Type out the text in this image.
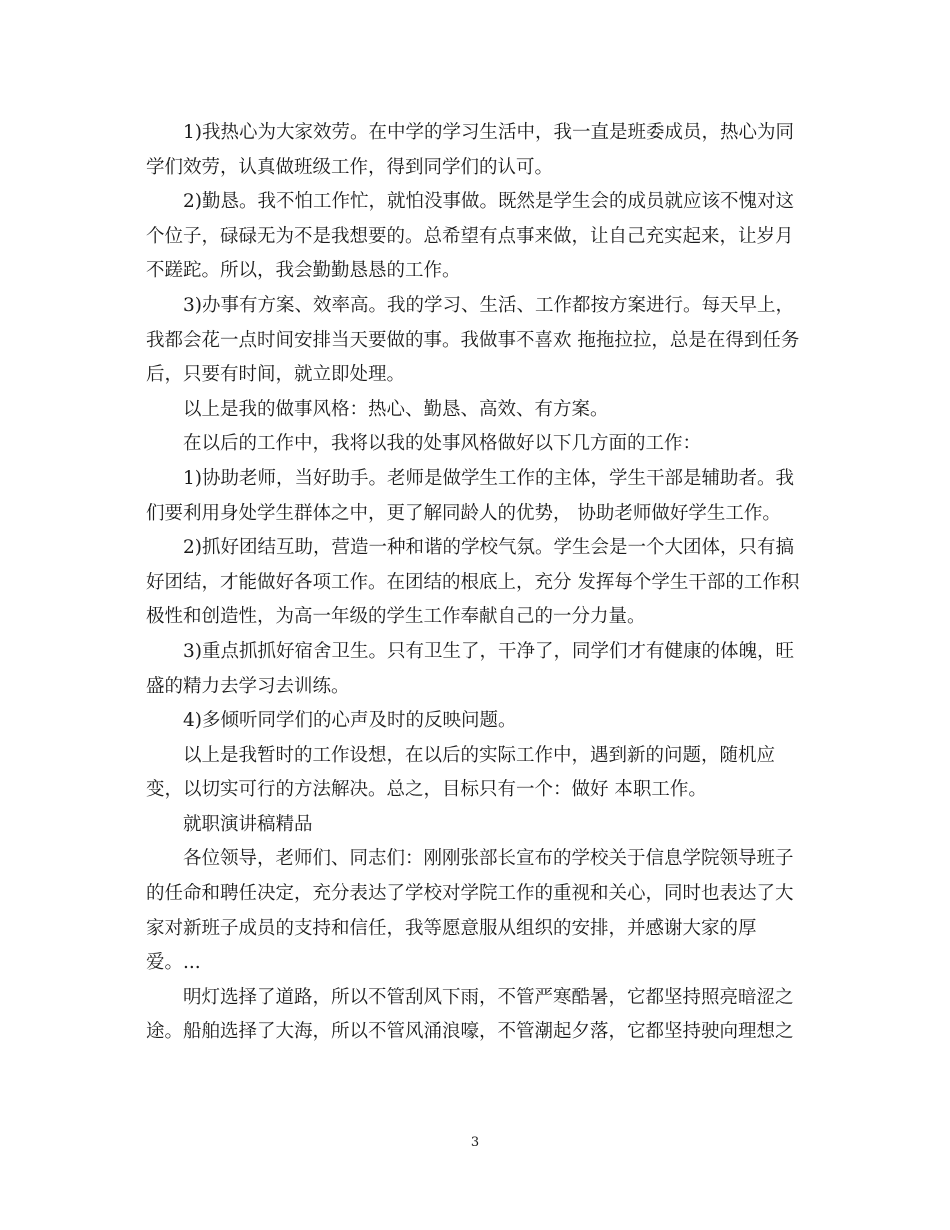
1)我热心为大家效劳。在中学的学习生活中，我一直是班委成员，热心为同学们效劳，认真做班级工作，得到同学们的认可。

2)勤恳。我不怕工作忙，就怕没事做。既然是学生会的成员就应该不愧对这个位子，碌碌无为不是我想要的。总希望有点事来做，让自己充实起来，让岁月不蹉跎。所以，我会勤勤恳恳的工作。

3)办事有方案、效率高。我的学习、生活、工作都按方案进行。每天早上，我都会花一点时间安排当天要做的事。我做事不喜欢 拖拖拉拉，总是在得到任务后，只要有时间，就立即处理。

以上是我的做事风格：热心、勤恳、高效、有方案。

在以后的工作中，我将以我的处事风格做好以下几方面的工作：

1)协助老师，当好助手。老师是做学生工作的主体，学生干部是辅助者。我们要利用身处学生群体之中，更了解同龄人的优势， 协助老师做好学生工作。

2)抓好团结互助，营造一种和谐的学校气氛。学生会是一个大团体，只有搞好团结，才能做好各项工作。在团结的根底上，充分 发挥每个学生干部的工作积极性和创造性，为高一年级的学生工作奉献自己的一分力量。

3)重点抓抓好宿舍卫生。只有卫生了，干净了，同学们才有健康的体魄，旺盛的精力去学习去训练。

4)多倾听同学们的心声及时的反映问题。

以上是我暂时的工作设想，在以后的实际工作中，遇到新的问题，随机应变，以切实可行的方法解决。总之，目标只有一个：做好 本职工作。

就职演讲稿精品

各位领导，老师们、同志们：刚刚张部长宣布的学校关于信息学院领导班子的任命和聘任决定，充分表达了学校对学院工作的重视和关心，同时也表达了大家对新班子成员的支持和信任，我等愿意服从组织的安排，并感谢大家的厚爱。...

明灯选择了道路，所以不管刮风下雨，不管严寒酷暑，它都坚持照亮暗涩之途。船舶选择了大海，所以不管风涌浪嚎，不管潮起夕落，它都坚持驶向理想之

3
